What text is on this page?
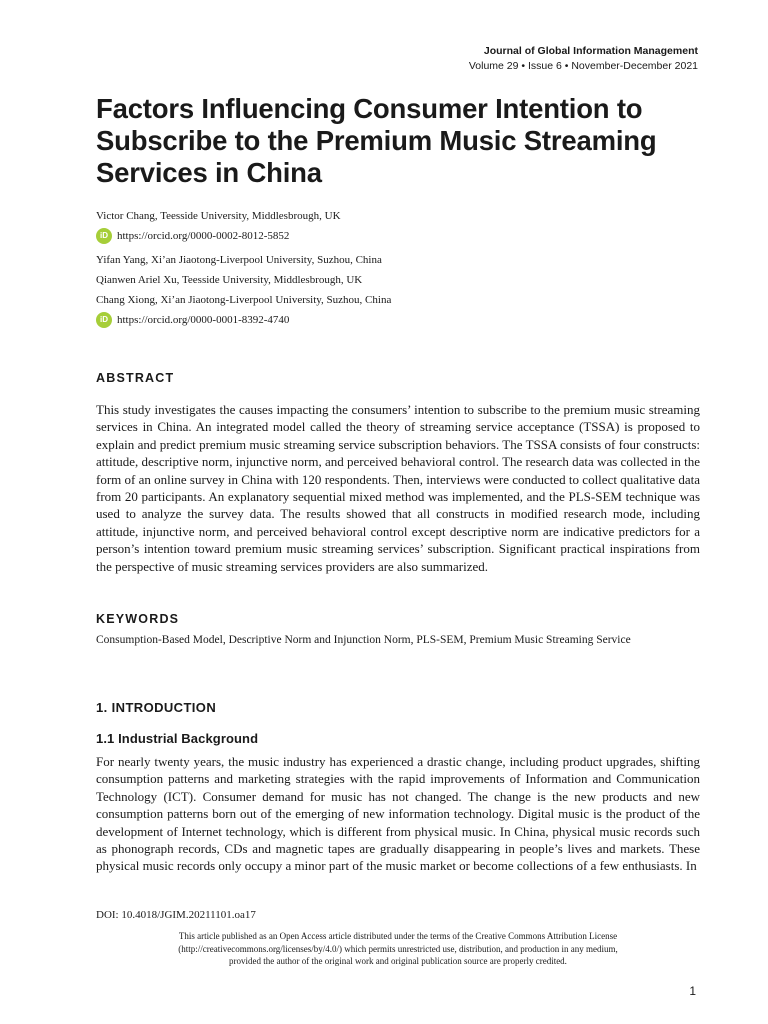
Journal of Global Information Management
Volume 29 • Issue 6 • November-December 2021
Factors Influencing Consumer Intention to Subscribe to the Premium Music Streaming Services in China
Victor Chang, Teesside University, Middlesbrough, UK
iD https://orcid.org/0000-0002-8012-5852
Yifan Yang, Xi’an Jiaotong-Liverpool University, Suzhou, China
Qianwen Ariel Xu, Teesside University, Middlesbrough, UK
Chang Xiong, Xi’an Jiaotong-Liverpool University, Suzhou, China
iD https://orcid.org/0000-0001-8392-4740
ABSTRACT

This study investigates the causes impacting the consumers’ intention to subscribe to the premium music streaming services in China. An integrated model called the theory of streaming service acceptance (TSSA) is proposed to explain and predict premium music streaming service subscription behaviors. The TSSA consists of four constructs: attitude, descriptive norm, injunctive norm, and perceived behavioral control. The research data was collected in the form of an online survey in China with 120 respondents. Then, interviews were conducted to collect qualitative data from 20 participants. An explanatory sequential mixed method was implemented, and the PLS-SEM technique was used to analyze the survey data. The results showed that all constructs in modified research mode, including attitude, injunctive norm, and perceived behavioral control except descriptive norm are indicative predictors for a person’s intention toward premium music streaming services’ subscription. Significant practical inspirations from the perspective of music streaming services providers are also summarized.

KEYWORDS

Consumption-Based Model, Descriptive Norm and Injunction Norm, PLS-SEM, Premium Music Streaming Service

1. INTRODUCTION
1.1 Industrial Background

For nearly twenty years, the music industry has experienced a drastic change, including product upgrades, shifting consumption patterns and marketing strategies with the rapid improvements of Information and Communication Technology (ICT). Consumer demand for music has not changed. The change is the new products and new consumption patterns born out of the emerging of new information technology. Digital music is the product of the development of Internet technology, which is different from physical music. In China, physical music records such as phonograph records, CDs and magnetic tapes are gradually disappearing in people’s lives and markets. These physical music records only occupy a minor part of the music market or become collections of a few enthusiasts. In

DOI: 10.4018/JGIM.20211101.oa17
This article published as an Open Access article distributed under the terms of the Creative Commons Attribution License
(http://creativecommons.org/licenses/by/4.0/) which permits unrestricted use, distribution, and production in any medium,
provided the author of the original work and original publication source are properly credited.
1
